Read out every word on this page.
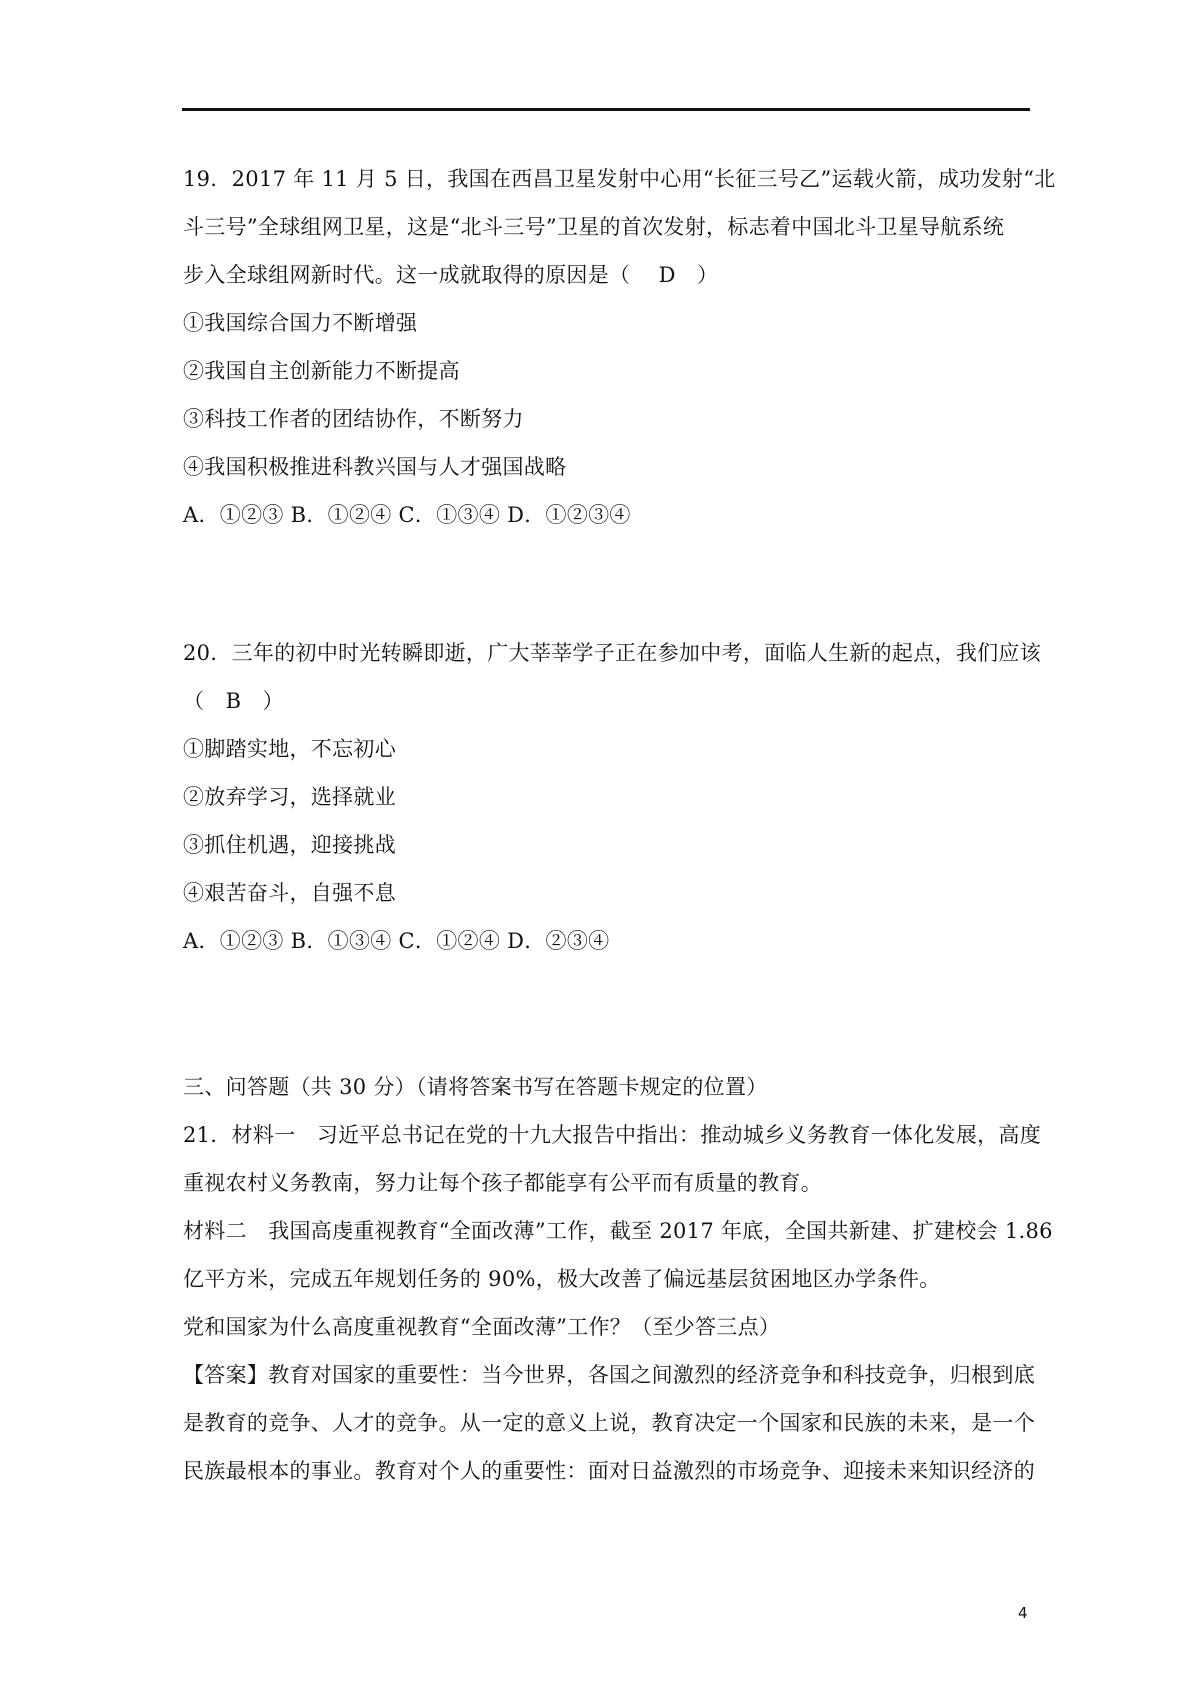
19．2017 年 11 月 5 日，我国在西昌卫星发射中心用“长征三号乙”运载火箭，成功发射“北
斗三号”全球组网卫星，这是“北斗三号”卫星的首次发射，标志着中国北斗卫星导航系统
步入全球组网新时代。这一成就取得的原因是（　 D　）
①我国综合国力不断增强
②我国自主创新能力不断提高
③科技工作者的团结协作，不断努力
④我国积极推进科教兴国与人才强国战略
A．①②③ B．①②④ C．①③④ D．①②③④
20．三年的初中时光转瞬即逝，广大莘莘学子正在参加中考，面临人生新的起点，我们应该
（　B　）
①脚踏实地，不忘初心
②放弃学习，选择就业
③抓住机遇，迎接挑战
④艰苦奋斗，自强不息
A．①②③ B．①③④ C．①②④ D．②③④
三、问答题（共 30 分）（请将答案书写在答题卡规定的位置）
21．材料一　习近平总书记在党的十九大报告中指出：推动城乡义务教育一体化发展，高度
重视农村义务教南，努力让每个孩子都能享有公平而有质量的教育。
材料二　我国高虔重视教育“全面改薄”工作，截至 2017 年底，全国共新建、扩建校会 1.86
亿平方米，完成五年规划任务的 90%，极大改善了偏远基层贫困地区办学条件。
党和国家为什么高度重视教育“全面改薄”工作？（至少答三点）
【答案】教育对国家的重要性：当今世界，各国之间激烈的经济竞争和科技竞争，归根到底
是教育的竞争、人才的竞争。从一定的意义上说，教育决定一个国家和民族的未来，是一个
民族最根本的事业。教育对个人的重要性：面对日益激烈的市场竞争、迎接未来知识经济的
4
